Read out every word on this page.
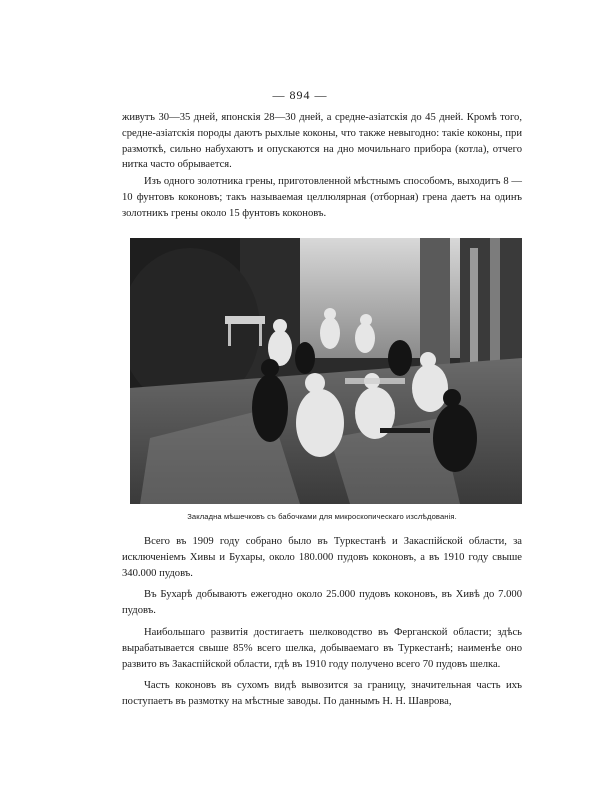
— 894 —

живутъ 30—35 дней, японскія 28—30 дней, а средне-азіатскія до 45 дней. Кромѣ того, средне-азіатскія породы даютъ рыхлые коконы, что также невыгодно: такіе коконы, при размоткѣ, сильно набухаютъ и опускаются на дно мочильнаго прибора (котла), отчего нитка часто обрывается.

Изъ одного золотника грены, приготовленной мѣстнымъ способомъ, выходитъ 8 — 10 фунтовъ коконовъ; такъ называемая целлюлярная (отборная) грена даетъ на одинъ золотникъ грены около 15 фунтовъ коконовъ.

Закладна мѣшечковъ съ бабочками для микроскопическаго изслѣдованія.

Всего въ 1909 году собрано было въ Туркестанѣ и Закаспійской области, за исключеніемъ Хивы и Бухары, около 180.000 пудовъ коконовъ, а въ 1910 году свыше 340.000 пудовъ.

Въ Бухарѣ добываютъ ежегодно около 25.000 пудовъ коконовъ, въ Хивѣ до 7.000 пудовъ.

Наибольшаго развитія достигаетъ шелководство въ Ферганской области; здѣсь вырабатывается свыше 85% всего шелка, добываемаго въ Туркестанѣ; наименѣе оно развито въ Закаспійской области, гдѣ въ 1910 году получено всего 70 пудовъ шелка.

Часть коконовъ въ сухомъ видѣ вывозится за границу, значительная часть ихъ поступаетъ въ размотку на мѣстные заводы. По даннымъ Н. Н. Шаврова,
